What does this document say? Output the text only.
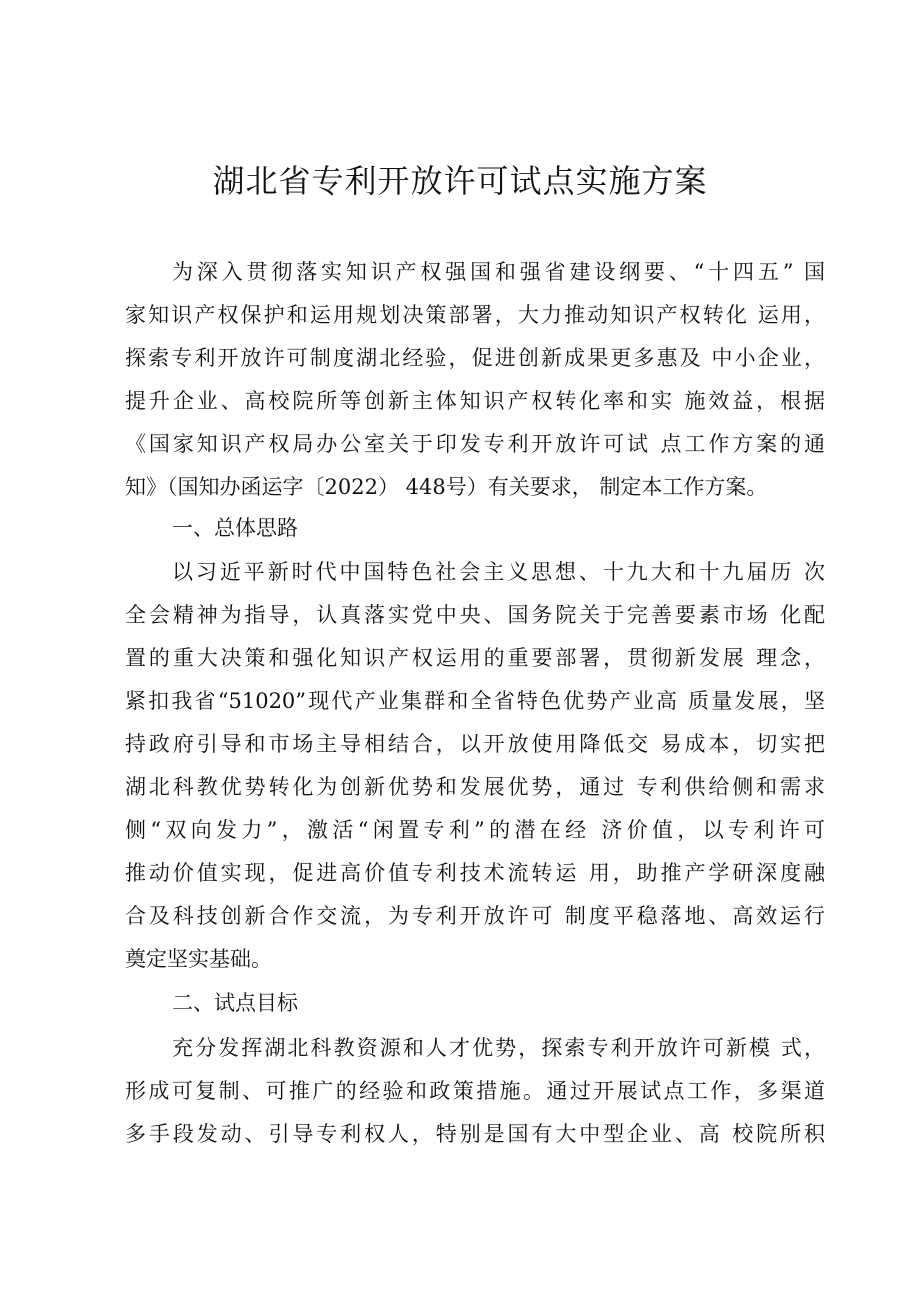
湖北省专利开放许可试点实施方案
为深入贯彻落实知识产权强国和强省建设纲要、“十四五” 国
家知识产权保护和运用规划决策部署，大力推动知识产权转化 运用，
探索专利开放许可制度湖北经验，促进创新成果更多惠及 中小企业，
提升企业、高校院所等创新主体知识产权转化率和实 施效益，根据
《国家知识产权局办公室关于印发专利开放许可试 点工作方案的通
知》（国知办函运字〔2022） 448号）有关要求， 制定本工作方案。
一、总体思路
以习近平新时代中国特色社会主义思想、十九大和十九届历 次
全会精神为指导，认真落实党中央、国务院关于完善要素市场 化配
置的重大决策和强化知识产权运用的重要部署，贯彻新发展 理念，
紧扣我省“51020”现代产业集群和全省特色优势产业高 质量发展，坚
持政府引导和市场主导相结合，以开放使用降低交 易成本，切实把
湖北科教优势转化为创新优势和发展优势，通过 专利供给侧和需求
侧“双向发力”，激活“闲置专利”的潜在经 济价值，以专利许可
推动价值实现，促进高价值专利技术流转运 用，助推产学研深度融
合及科技创新合作交流，为专利开放许可 制度平稳落地、高效运行
奠定坚实基础。
二、试点目标
充分发挥湖北科教资源和人才优势，探索专利开放许可新模 式，
形成可复制、可推广的经验和政策措施。通过开展试点工作，多渠道
多手段发动、引导专利权人，特别是国有大中型企业、高 校院所积
